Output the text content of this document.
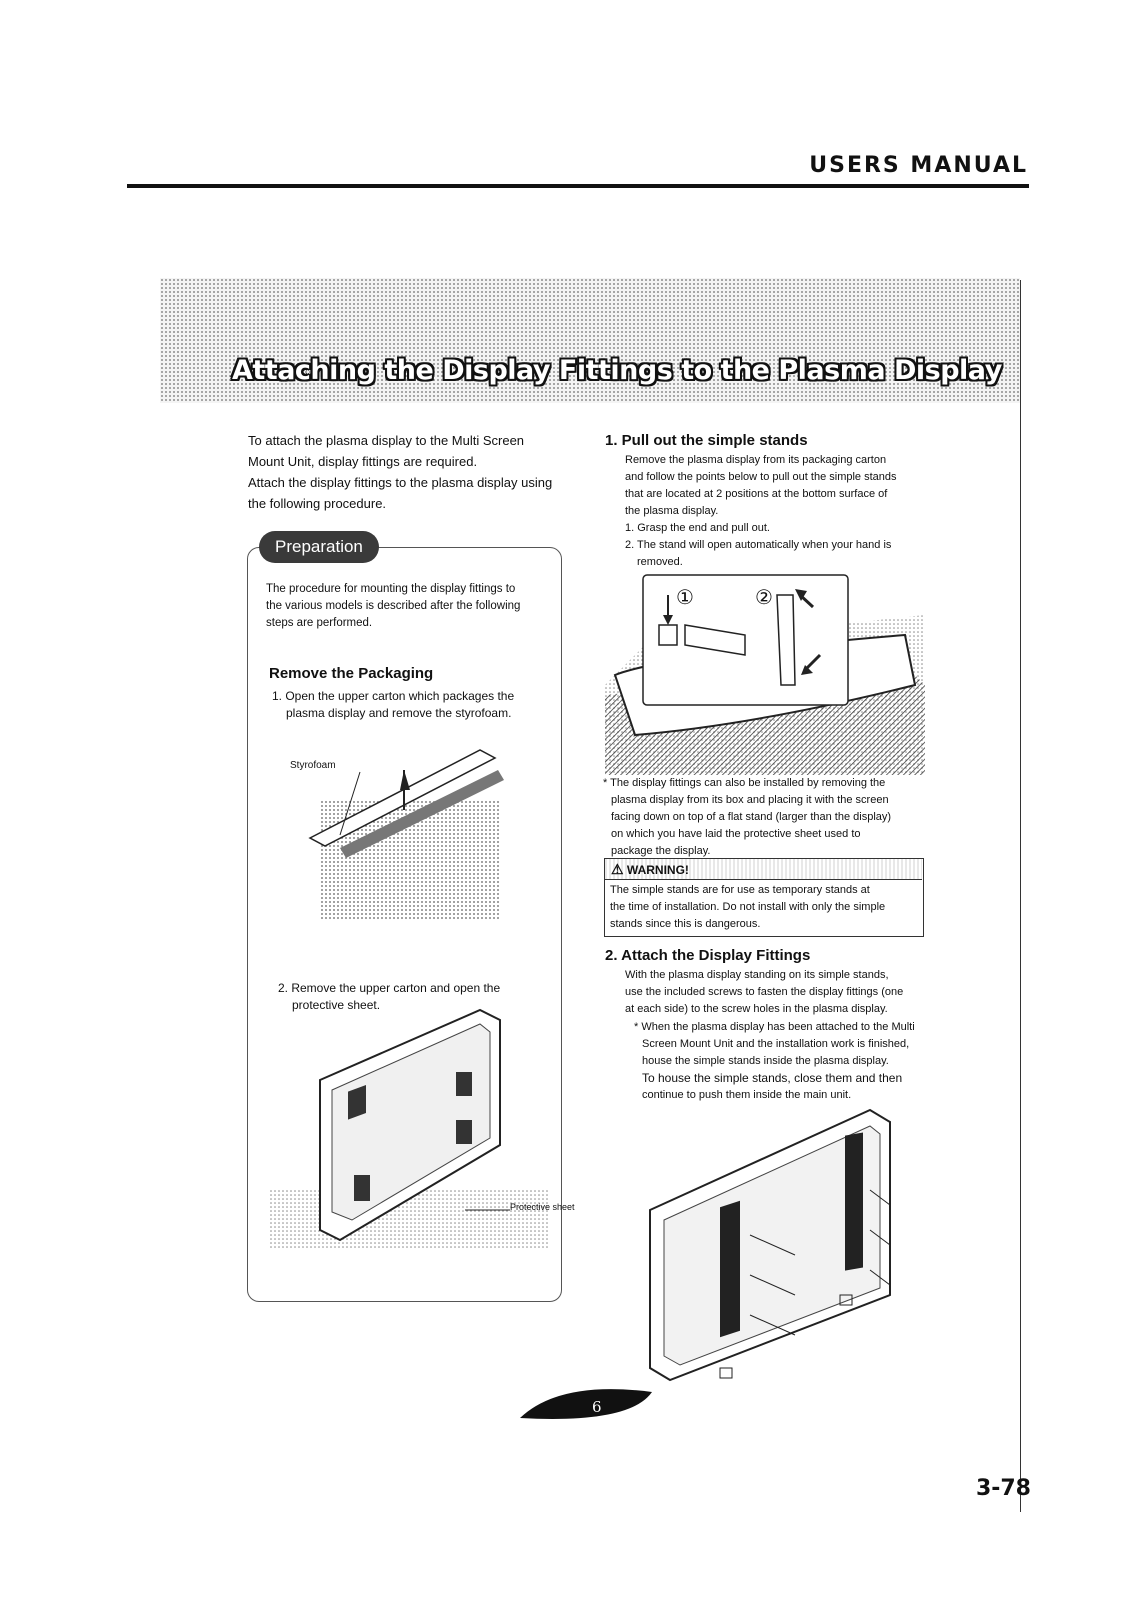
USERS MANUAL
Attaching the Display Fittings to the Plasma Display
To attach the plasma display to the Multi Screen
Mount Unit, display fittings are required.
Attach the display fittings to the plasma display using
the following procedure.
Preparation
The procedure for mounting the display fittings to
the various models is described after the following
steps are performed.
Remove the Packaging
1. Open the upper carton which packages the
plasma display and remove the styrofoam.
Styrofoam
2. Remove the upper carton and open the
protective sheet.
Protective sheet
1. Pull out the simple stands
Remove the plasma display from its packaging carton
and follow the points below to pull out the simple stands
that are located at 2 positions at the bottom surface of
the plasma display.
1. Grasp the end and pull out.
2. The stand will open automatically when your hand is
removed.
①	②
* The display fittings can also be installed by removing the
plasma display from its box and placing it with the screen
facing down on top of a flat stand (larger than the display)
on which you have laid the protective sheet used to
package the display.
⚠ WARNING!
The simple stands are for use as temporary stands at
the time of installation. Do not install with only the simple
stands since this is dangerous.
2. Attach the Display Fittings
With the plasma display standing on its simple stands,
use the included screws to fasten the display fittings (one
at each side) to the screw holes in the plasma display.
* When the plasma display has been attached to the Multi
Screen Mount Unit and the installation work is finished,
house the simple stands inside the plasma display.
To house the simple stands, close them and then
continue to push them inside the main unit.
6
3-78
